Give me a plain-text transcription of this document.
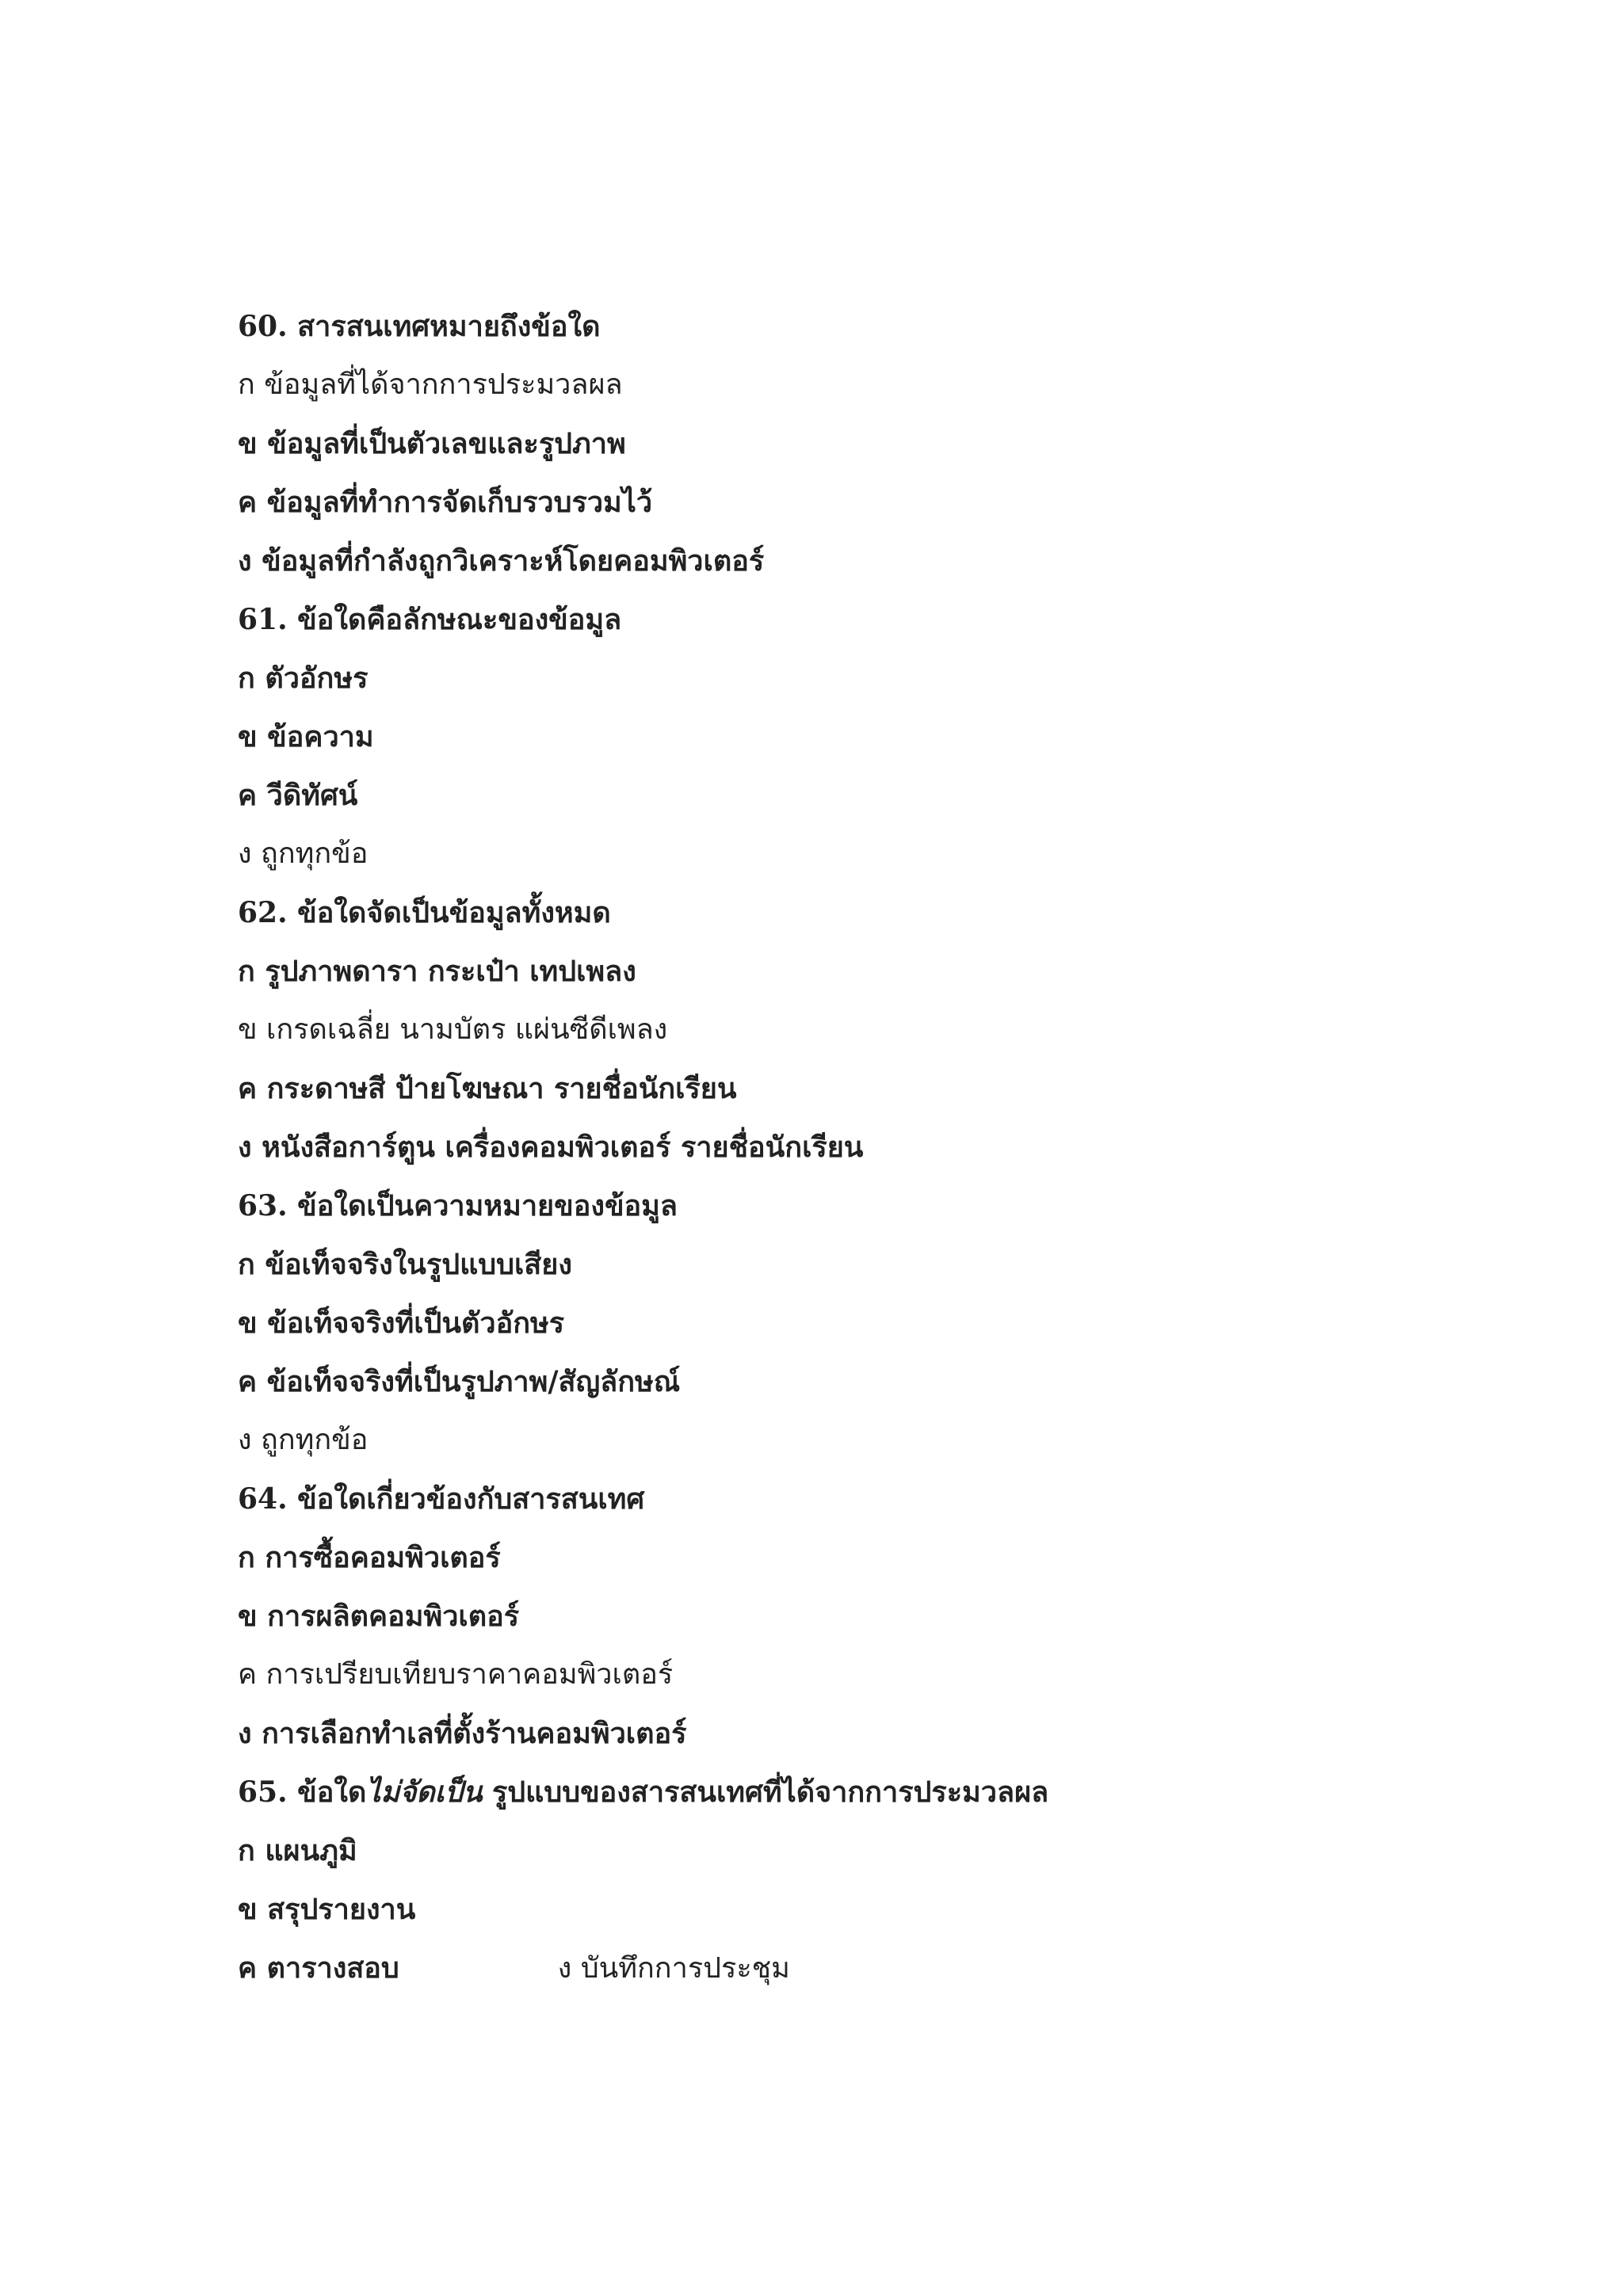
60. สารสนเทศหมายถึงข้อใด
ก ข้อมูลที่ได้จากการประมวลผล
ข ข้อมูลที่เป็นตัวเลขและรูปภาพ
ค ข้อมูลที่ทำการจัดเก็บรวบรวมไว้
ง ข้อมูลที่กำลังถูกวิเคราะห์โดยคอมพิวเตอร์
61. ข้อใดคือลักษณะของข้อมูล
ก ตัวอักษร
ข ข้อความ
ค วีดิทัศน์
ง ถูกทุกข้อ
62. ข้อใดจัดเป็นข้อมูลทั้งหมด
ก รูปภาพดารา กระเป๋า เทปเพลง
ข เกรดเฉลี่ย นามบัตร แผ่นซีดีเพลง
ค กระดาษสี ป้ายโฆษณา รายชื่อนักเรียน
ง หนังสือการ์ตูน เครื่องคอมพิวเตอร์ รายชื่อนักเรียน
63. ข้อใดเป็นความหมายของข้อมูล
ก ข้อเท็จจริงในรูปแบบเสียง
ข ข้อเท็จจริงที่เป็นตัวอักษร
ค ข้อเท็จจริงที่เป็นรูปภาพ/สัญลักษณ์
ง ถูกทุกข้อ
64. ข้อใดเกี่ยวข้องกับสารสนเทศ
ก การซื้อคอมพิวเตอร์
ข การผลิตคอมพิวเตอร์
ค การเปรียบเทียบราคาคอมพิวเตอร์
ง การเลือกทำเลที่ตั้งร้านคอมพิวเตอร์
65. ข้อใดไม่จัดเป็น รูปแบบของสารสนเทศที่ได้จากการประมวลผล
ก แผนภูมิ
ข สรุปรายงาน
ค ตารางสอบ	ง บันทึกการประชุม
